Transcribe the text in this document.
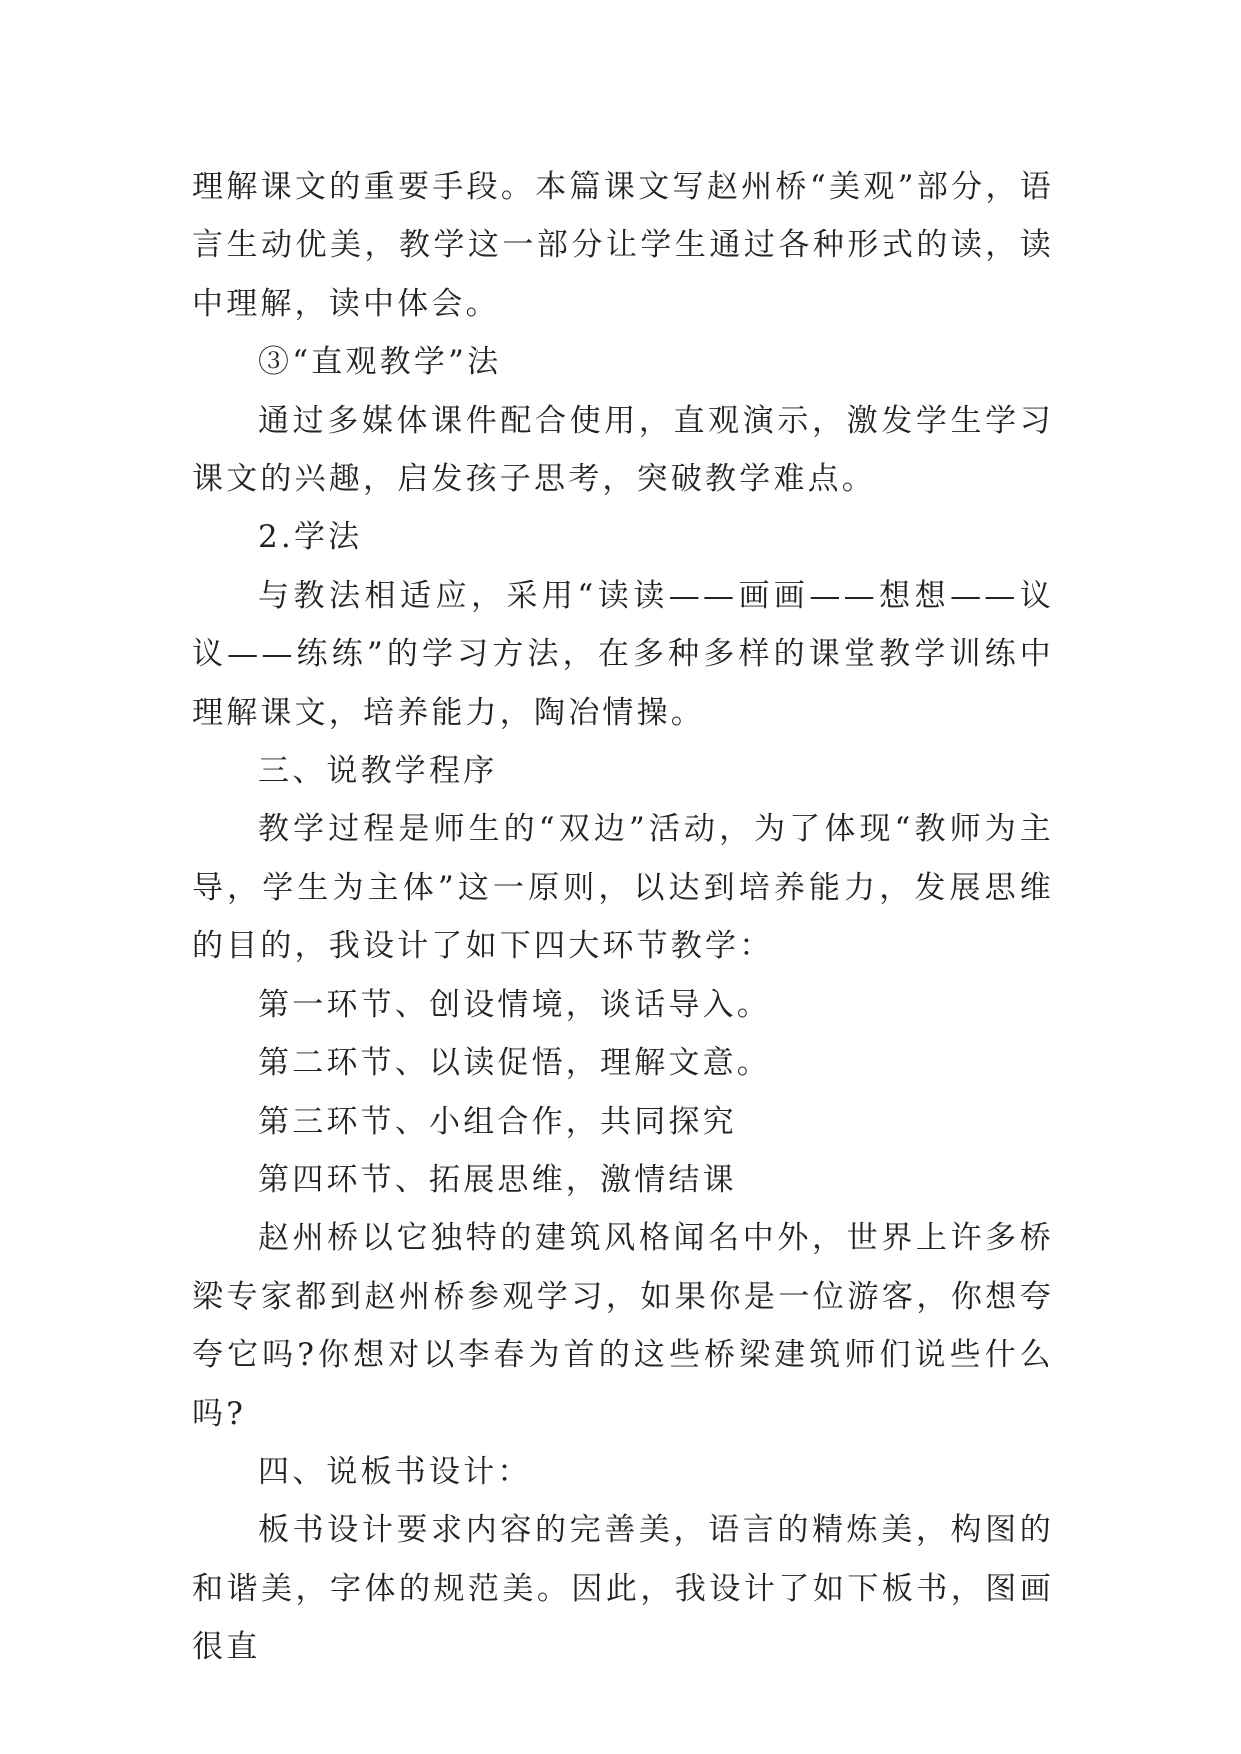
理解课文的重要手段。本篇课文写赵州桥“美观”部分，语言生动优美，教学这一部分让学生通过各种形式的读，读中理解，读中体会。

③“直观教学”法

通过多媒体课件配合使用，直观演示，激发学生学习课文的兴趣，启发孩子思考，突破教学难点。

2.学法

与教法相适应，采用“读读——画画——想想——议议——练练”的学习方法，在多种多样的课堂教学训练中理解课文，培养能力，陶冶情操。

三、说教学程序

教学过程是师生的“双边”活动，为了体现“教师为主导，学生为主体”这一原则，以达到培养能力，发展思维的目的，我设计了如下四大环节教学：

第一环节、创设情境，谈话导入。

第二环节、以读促悟，理解文意。

第三环节、小组合作，共同探究

第四环节、拓展思维，激情结课

赵州桥以它独特的建筑风格闻名中外，世界上许多桥梁专家都到赵州桥参观学习，如果你是一位游客，你想夸夸它吗?你想对以李春为首的这些桥梁建筑师们说些什么吗?

四、说板书设计：

板书设计要求内容的完善美，语言的精炼美，构图的和谐美，字体的规范美。因此，我设计了如下板书，图画很直
